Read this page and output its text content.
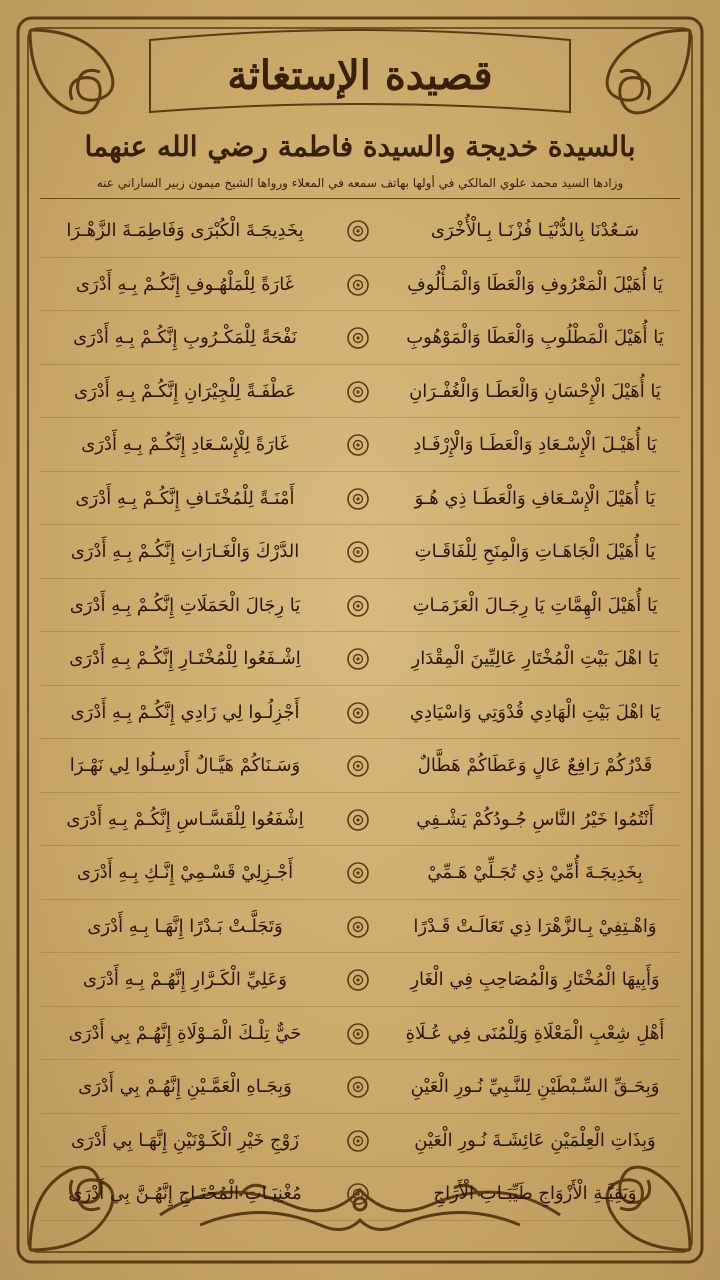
قصيدة الإستغاثة
بالسيدة خديجة والسيدة فاطمة رضي الله عنهما
وزادها السيد محمد علوي المالكي في أولها بهاتف سمعه في المعلاء ورواها الشيخ ميمون زبير الساراني عنه
سَـعُدْنَا بِالدُّنْيَـا فُزْنَـا بِـالْأُخْرَى
بِخَدِيجَـةَ الْكُبْرَى وَفَاطِمَـةَ الزَّهْـرَا
يَا أُهَيْلَ الْمَعْرُوفِ وَالْعَطَا وَالْمَـأْلُوفِ
غَارَةً لِلْمَلْهُـوفِ إِنَّكُـمْ بِـهِ أَدْرَى
يَا أُهَيْلَ الْمَطْلُوبِ وَالْعَطَا وَالْمَوْهُوبِ
نَفْحَةً لِلْمَكْـرُوبِ إِنَّكُـمْ بِـهِ أَدْرَى
يَا أُهَيْلَ الْإِحْسَانِ وَالْعَطَـا وَالْغُفْـرَانِ
عَطْفَـةً لِلْجِيْرَانِ إِنَّكُـمْ بِـهِ أَدْرَى
يَا أُهَيْـلَ الْإِسْـعَادِ وَالْعَطَـا وَالْإِرْفَـادِ
غَارَةً لِلْإِسْـعَادِ إِنَّكُـمْ بِـهِ أَدْرَى
يَا أُهَيْلَ الْإِسْـعَافِ وَالْعَطَـا ذِي هُـوَ
أَمْنَـةً لِلْمُخْتَـافِ إِنَّكُـمْ بِـهِ أَدْرَى
يَا أُهَيْلَ الْجَاهَـاتِ وَالْمِنَحِ لِلْفَاقَـاتِ
الدَّرْكَ وَالْغَـارَاتِ إِنَّكُـمْ بِـهِ أَدْرَى
يَا أُهَيْلَ الْهِمَّاتِ يَا رِجَـالَ الْعَزَمَـاتِ
يَا رِجَالَ الْحَمَلَاتِ إِنَّكُـمْ بِـهِ أَدْرَى
يَا اهْلَ بَيْتِ الْمُخْتَارِ عَالِيِّينَ الْمِقْدَارِ
اِشْـفَعُوا لِلْمُخْتَـارِ إِنَّكُـمْ بِـهِ أَدْرَى
يَا اهْلَ بَيْتِ الْهَادِي قُدْوَتِي وَاسْيَادِي
أَجْزِلُـوا لِي زَادِي إِنَّكُـمْ بِـهِ أَدْرَى
قَدْرُكُمْ رَافِعٌ عَالٍ وَعَطَاكُمْ هَطَّالٌ
وَسَـنَاكُمْ هَيَّـالٌ أَرْسِـلُوا لِي نَهْـرَا
أَنْتُمُوا خَيْرُ النَّاسِ جُـودُكُمْ يَشْـفِي
اِشْفَعُوا لِلْقَسَّـاسِ إِنَّكُـمْ بِـهِ أَدْرَى
بِخَدِيجَـةَ أُمِّيْ ذِي تُجَـلِّيْ هَـمِّيْ
أَجْـزِلِيْ قَسْـمِيْ إِنَّـكِ بِـهِ أَدْرَى
وَاهْـتِفِيْ بِـالزَّهْرَا ذِي تَعَالَـتْ قَـدْرًا
وَتَجَلَّـتْ بَـدْرًا إِنَّهَـا بِـهِ أَدْرَى
وَأَبِيهَا الْمُخْتَارِ وَالْمُصَاحِبِ فِي الْغَارِ
وَعَلِيِّ الْكَـرَّارِ إِنَّهُـمْ بِـهِ أَدْرَى
أَهْلِ شِعْبِ الْمَعْلَاةِ وَلِلْمُنَى فِي عُـلَاةِ
حَيٌّ تِلْـكَ الْمَـوْلَاةِ إِنَّهُـمْ بِي أَدْرَى
وَبِحَـقِّ السِّـبْطَيْنِ لِلنَّـبِيِّ نُـورِ الْعَيْنِ
وَبِجَـاهِ الْعَمَّـيْنِ إِنَّهُـمْ بِي أَدْرَى
وَبِذَاتِ الْعِلْمَيْنِ عَائِشَـةَ نُـورِ الْعَيْنِ
زَوْجِ خَيْرِ الْكَـوْنَيْنِ إِنَّهَـا بِي أَدْرَى
وَبَقِيَّـةِ الْأَزْوَاجِ طَيِّبَـاتِ الْأَرَاجِ
مُغْنِيَـاتِ الْمُحْتَـاجِ إِنَّهُـنَّ بِي أَدْرَى
